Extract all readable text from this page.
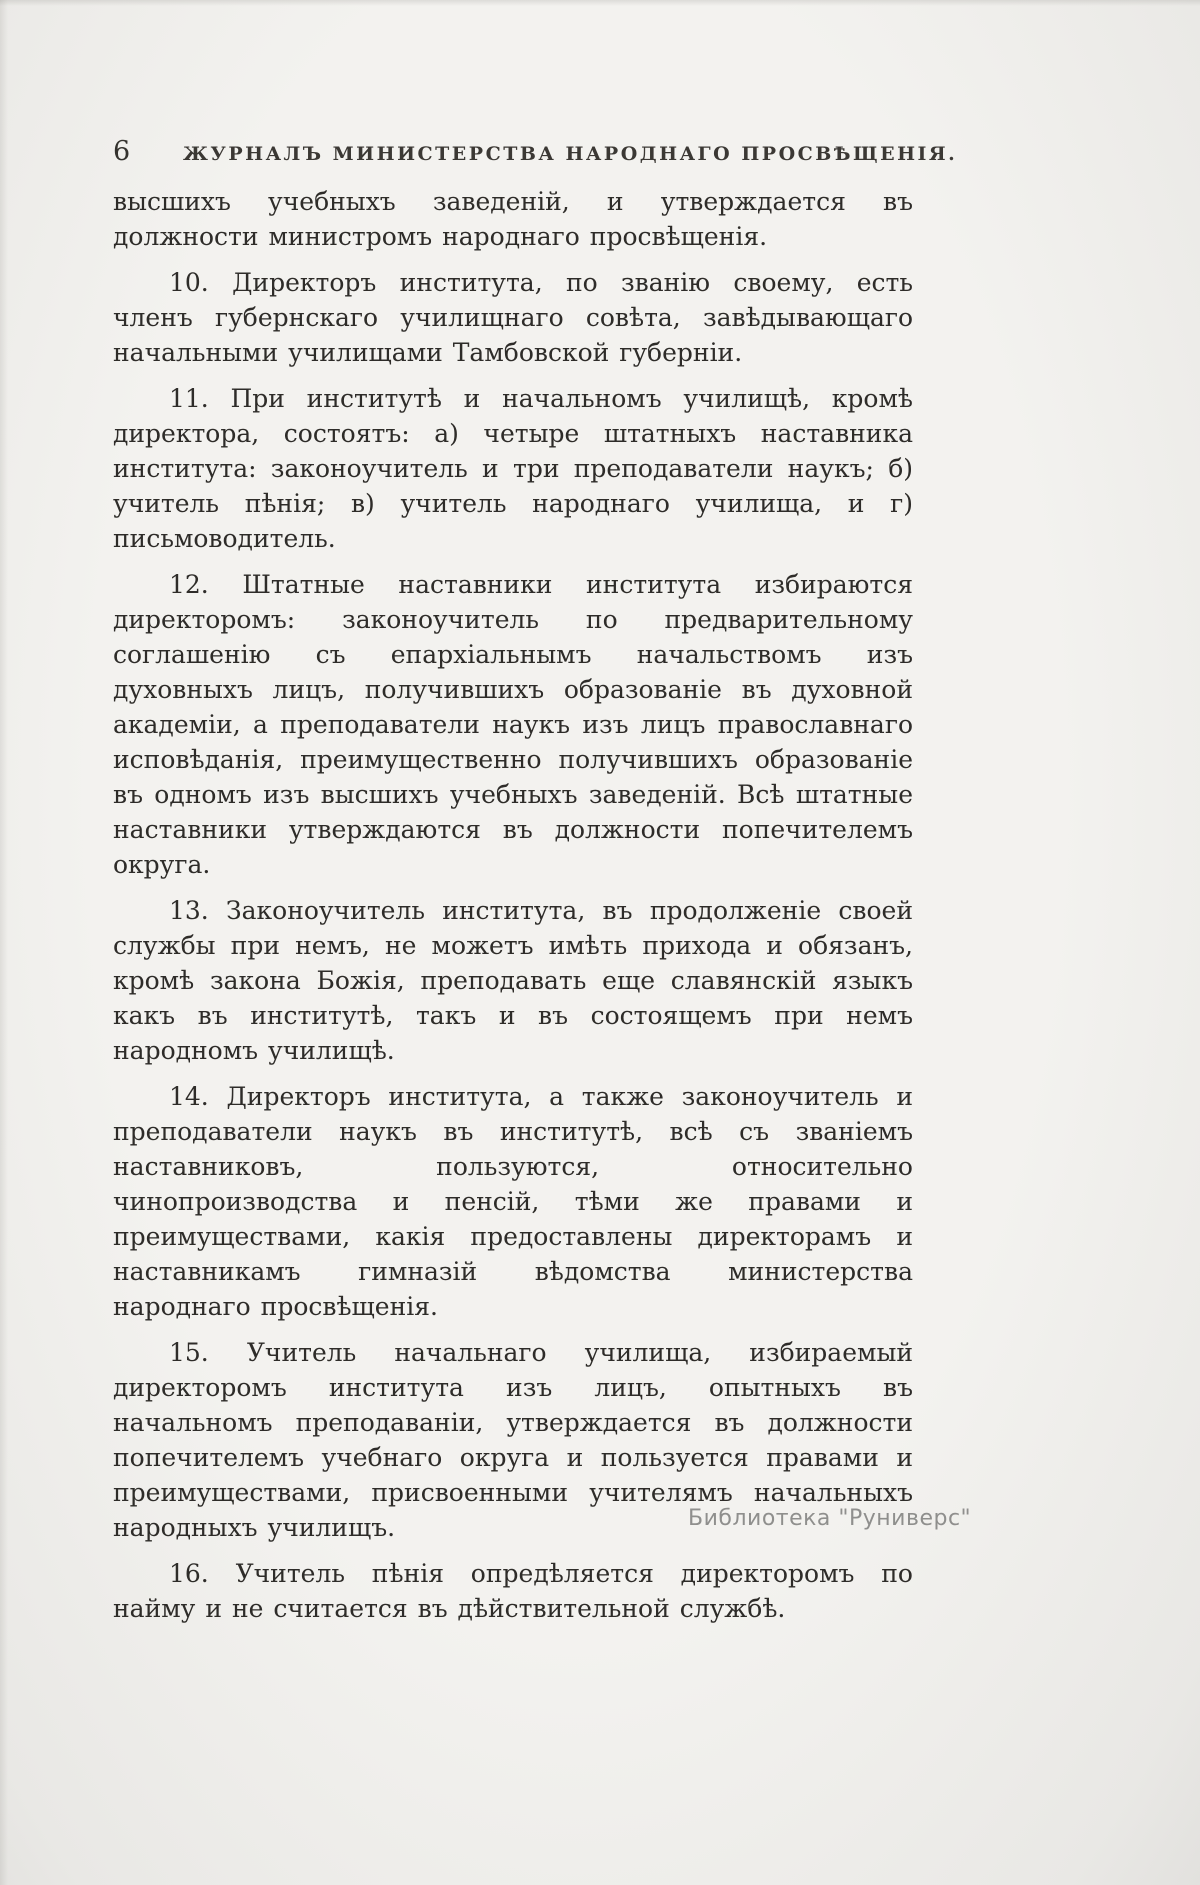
6	ЖУРНАЛЪ МИНИСТЕРСТВА НАРОДНАГО ПРОСВѢЩЕНІЯ.

высшихъ учебныхъ заведеній, и утверждается въ должности министромъ народнаго просвѣщенія.

10. Директоръ института, по званію своему, есть членъ губернскаго училищнаго совѣта, завѣдывающаго начальными училищами Тамбовской губерніи.

11. При институтѣ и начальномъ училищѣ, кромѣ директора, состоятъ: а) четыре штатныхъ наставника института: законоучитель и три преподаватели наукъ; б) учитель пѣнія; в) учитель народнаго училища, и г) письмоводитель.

12. Штатные наставники института избираются директоромъ: законоучитель по предварительному соглашенію съ епархіальнымъ начальствомъ изъ духовныхъ лицъ, получившихъ образованіе въ духовной академіи, а преподаватели наукъ изъ лицъ православнаго исповѣданія, преимущественно получившихъ образованіе въ одномъ изъ высшихъ учебныхъ заведеній. Всѣ штатные наставники утверждаются въ должности попечителемъ округа.

13. Законоучитель института, въ продолженіе своей службы при немъ, не можетъ имѣть прихода и обязанъ, кромѣ закона Божія, преподавать еще славянскій языкъ какъ въ институтѣ, такъ и въ состоящемъ при немъ народномъ училищѣ.

14. Директоръ института, а также законоучитель и преподаватели наукъ въ институтѣ, всѣ съ званіемъ наставниковъ, пользуются, относительно чинопроизводства и пенсій, тѣми же правами и преимуществами, какія предоставлены директорамъ и наставникамъ гимназій вѣдомства министерства народнаго просвѣщенія.

15. Учитель начальнаго училища, избираемый директоромъ института изъ лицъ, опытныхъ въ начальномъ преподаваніи, утверждается въ должности попечителемъ учебнаго округа и пользуется правами и преимуществами, присвоенными учителямъ начальныхъ народныхъ училищъ.

16. Учитель пѣнія опредѣляется директоромъ по найму и не считается въ дѣйствительной службѣ.

Библиотека "Руниверс"
